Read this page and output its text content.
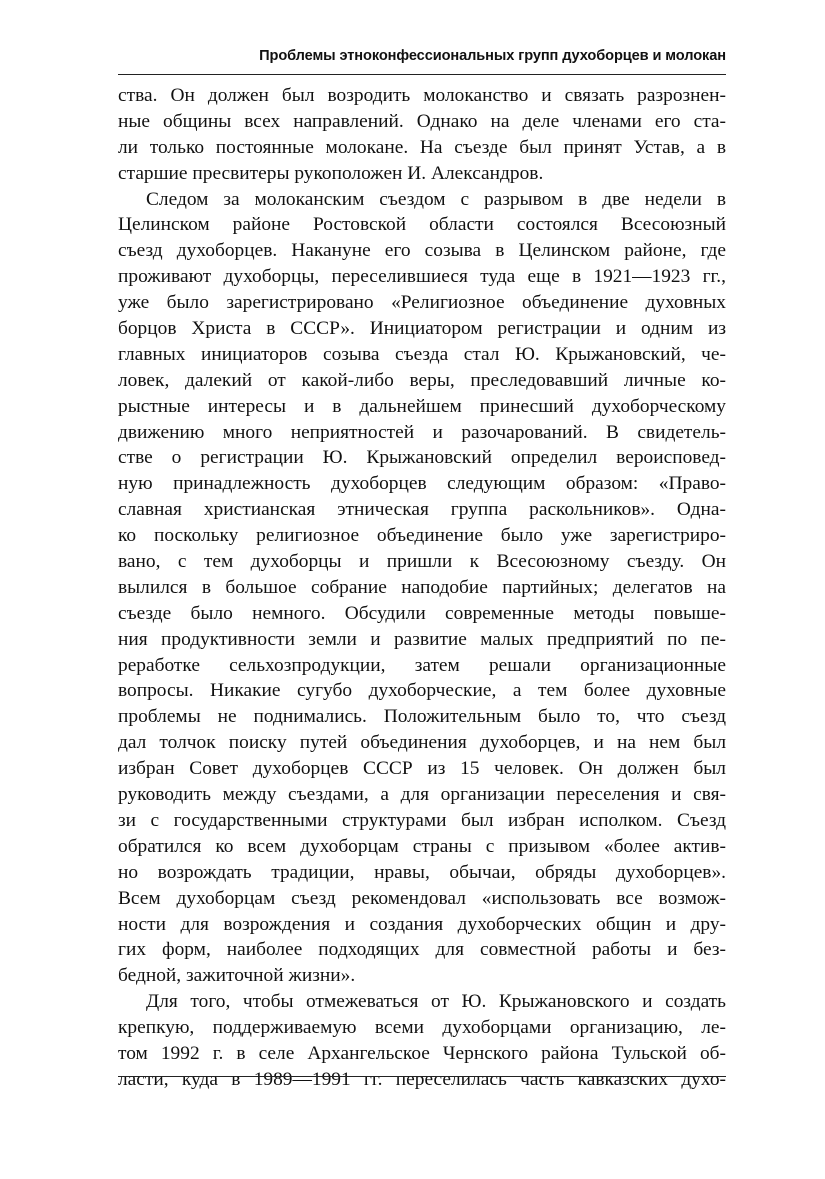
Проблемы этноконфессиональных групп духоборцев и молокан
ства. Он должен был возродить молоканство и связать разрознен-
ные общины всех направлений. Однако на деле членами его ста-
ли только постоянные молокане. На съезде был принят Устав, а в
старшие пресвитеры рукоположен И. Александров.
Следом за молоканским съездом с разрывом в две недели в
Целинском районе Ростовской области состоялся Всесоюзный
съезд духоборцев. Накануне его созыва в Целинском районе, где
проживают духоборцы, переселившиеся туда еще в 1921—1923 гг.,
уже было зарегистрировано «Религиозное объединение духовных
борцов Христа в СССР». Инициатором регистрации и одним из
главных инициаторов созыва съезда стал Ю. Крыжановский, че-
ловек, далекий от какой-либо веры, преследовавший личные ко-
рыстные интересы и в дальнейшем принесший духоборческому
движению много неприятностей и разочарований. В свидетель-
стве о регистрации Ю. Крыжановский определил вероисповед-
ную принадлежность духоборцев следующим образом: «Право-
славная христианская этническая группа раскольников». Одна-
ко поскольку религиозное объединение было уже зарегистриро-
вано, с тем духоборцы и пришли к Всесоюзному съезду. Он
вылился в большое собрание наподобие партийных; делегатов на
съезде было немного. Обсудили современные методы повыше-
ния продуктивности земли и развитие малых предприятий по пе-
реработке сельхозпродукции, затем решали организационные
вопросы. Никакие сугубо духоборческие, а тем более духовные
проблемы не поднимались. Положительным было то, что съезд
дал толчок поиску путей объединения духоборцев, и на нем был
избран Совет духоборцев СССР из 15 человек. Он должен был
руководить между съездами, а для организации переселения и свя-
зи с государственными структурами был избран исполком. Съезд
обратился ко всем духоборцам страны с призывом «более актив-
но возрождать традиции, нравы, обычаи, обряды духоборцев».
Всем духоборцам съезд рекомендовал «использовать все возмож-
ности для возрождения и создания духоборческих общин и дру-
гих форм, наиболее подходящих для совместной работы и без-
бедной, зажиточной жизни».
Для того, чтобы отмежеваться от Ю. Крыжановского и создать
крепкую, поддерживаемую всеми духоборцами организацию, ле-
том 1992 г. в селе Архангельское Чернского района Тульской об-
ласти, куда в 1989—1991 гг. переселилась часть кавказских духо-
